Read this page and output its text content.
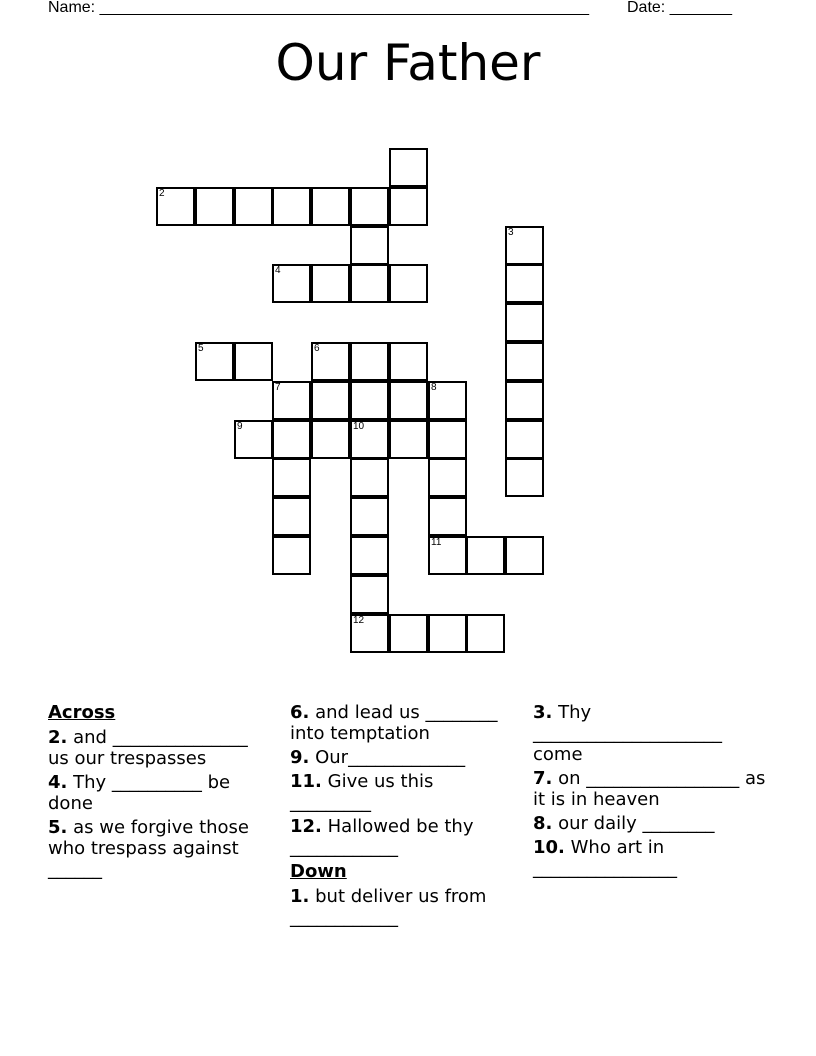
Name: _______________________________________________________ Date: _______
Our Father
2
3
4
5	6
7	8
9	10
11
12
Across
2. and _______________ us our trespasses
4. Thy __________ be done
5. as we forgive those who trespass against ______
6. and lead us ________ into temptation
9. Our_____________
11. Give us this _________
12. Hallowed be thy ____________
Down
1. but deliver us from ____________
3. Thy _____________________ come
7. on _________________ as it is in heaven
8. our daily ________
10. Who art in ________________
